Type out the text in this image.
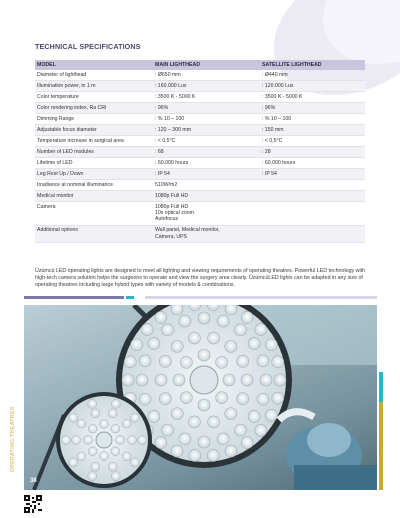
TECHNICAL SPECIFICATIONS
MODEL	MAIN LIGHTHEAD	SATELLITE LIGHTHEAD
Diameter of lighthead	: Ø650 mm	: Ø440 mm
Illumination power, in 1 m	: 160.000 Lux	: 120.000 Lux
Color temperature	: 3500 K - 5000 K	: 3500 K - 5000 K
Color rendering index, Ra CRI	: 96%	: 96%
Dimming Range	: % 10 – 100	: % 10 – 100
Adjustable focus diameter	: 120 – 300 mm	: 150 mm
Temperature increase in surgical area	: < 0,5°C	: < 0,5°C
Number of LED modules	: 68	: 28
Lifetime of LED	: 60.000 hours	: 60.000 hours
Leg Rest Up / Down	: IP 54	: IP 54
Irradiance at nominal illuminance	510W/m2	
Medical monitor	1080p Full HD	
Camera	1080p Full HD
10x optical zoom
Autofocus	
Additional options	Wall panel, Medical monitor,
Camera, UPS	
Üzümcü LED operating lights are designed to meet all lighting and viewing requirements of operating theatres. Powerful LED technology with high-tech camera solution helps the surgeons to operate and view the surgery area clearly. ÜzümcüLED lights can be adapted in any size of operating theatres including large hybrid types with variety of models & combinations.
OPERATING THEATRES
38
